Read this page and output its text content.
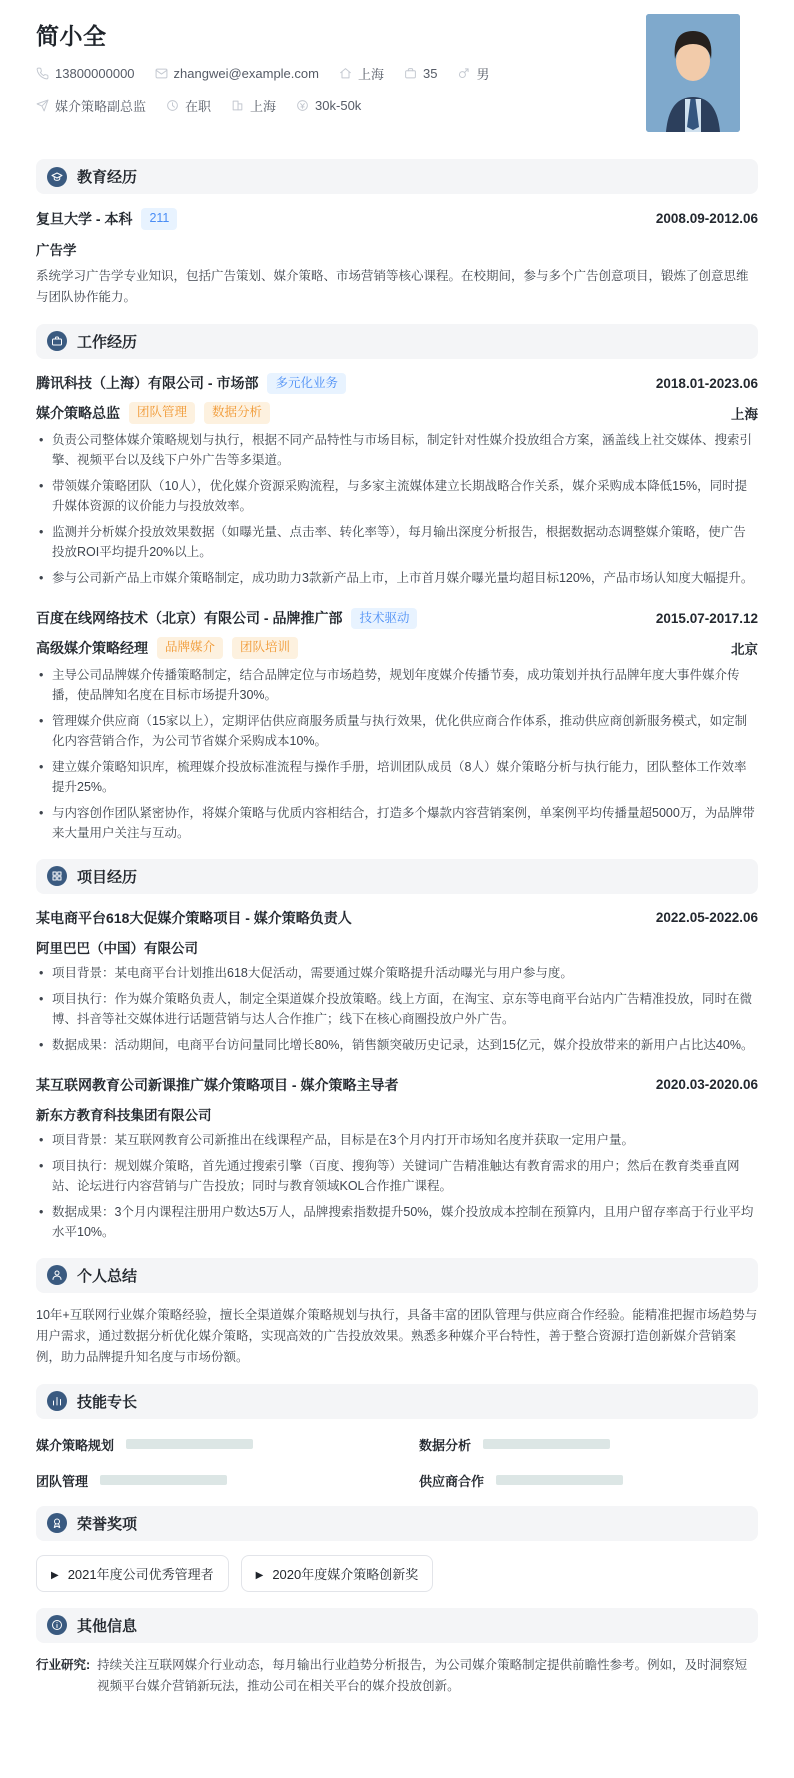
简小全
13800000000	zhangwei@example.com	上海	35	男
媒介策略副总监	在职	上海	30k-50k
教育经历
复旦大学 - 本科	211	2008.09-2012.06
广告学

系统学习广告学专业知识，包括广告策划、媒介策略、市场营销等核心课程。在校期间，参与多个广告创意项目，锻炼了创意思维与团队协作能力。

工作经历
腾讯科技（上海）有限公司 - 市场部	多元化业务	2018.01-2023.06
媒介策略总监	团队管理	数据分析	上海
• 负责公司整体媒介策略规划与执行，根据不同产品特性与市场目标，制定针对性媒介投放组合方案，涵盖线上社交媒体、搜索引擎、视频平台以及线下户外广告等多渠道。
• 带领媒介策略团队（10人），优化媒介资源采购流程，与多家主流媒体建立长期战略合作关系，媒介采购成本降低15%，同时提升媒体资源的议价能力与投放效率。
• 监测并分析媒介投放效果数据（如曝光量、点击率、转化率等），每月输出深度分析报告，根据数据动态调整媒介策略，使广告投放ROI平均提升20%以上。
• 参与公司新产品上市媒介策略制定，成功助力3款新产品上市，上市首月媒介曝光量均超目标120%，产品市场认知度大幅提升。
百度在线网络技术（北京）有限公司 - 品牌推广部	技术驱动	2015.07-2017.12
高级媒介策略经理	品牌媒介	团队培训	北京
• 主导公司品牌媒介传播策略制定，结合品牌定位与市场趋势，规划年度媒介传播节奏，成功策划并执行品牌年度大事件媒介传播，使品牌知名度在目标市场提升30%。
• 管理媒介供应商（15家以上），定期评估供应商服务质量与执行效果，优化供应商合作体系，推动供应商创新服务模式，如定制化内容营销合作，为公司节省媒介采购成本10%。
• 建立媒介策略知识库，梳理媒介投放标准流程与操作手册，培训团队成员（8人）媒介策略分析与执行能力，团队整体工作效率提升25%。
• 与内容创作团队紧密协作，将媒介策略与优质内容相结合，打造多个爆款内容营销案例，单案例平均传播量超5000万，为品牌带来大量用户关注与互动。
项目经历
某电商平台618大促媒介策略项目 - 媒介策略负责人	2022.05-2022.06
阿里巴巴（中国）有限公司
• 项目背景：某电商平台计划推出618大促活动，需要通过媒介策略提升活动曝光与用户参与度。
• 项目执行：作为媒介策略负责人，制定全渠道媒介投放策略。线上方面，在淘宝、京东等电商平台站内广告精准投放，同时在微博、抖音等社交媒体进行话题营销与达人合作推广；线下在核心商圈投放户外广告。
• 数据成果：活动期间，电商平台访问量同比增长80%，销售额突破历史记录，达到15亿元，媒介投放带来的新用户占比达40%。
某互联网教育公司新课推广媒介策略项目 - 媒介策略主导者	2020.03-2020.06
新东方教育科技集团有限公司
• 项目背景：某互联网教育公司新推出在线课程产品，目标是在3个月内打开市场知名度并获取一定用户量。
• 项目执行：规划媒介策略，首先通过搜索引擎（百度、搜狗等）关键词广告精准触达有教育需求的用户；然后在教育类垂直网站、论坛进行内容营销与广告投放；同时与教育领域KOL合作推广课程。
• 数据成果：3个月内课程注册用户数达5万人，品牌搜索指数提升50%，媒介投放成本控制在预算内，且用户留存率高于行业平均水平10%。
个人总结

10年+互联网行业媒介策略经验，擅长全渠道媒介策略规划与执行，具备丰富的团队管理与供应商合作经验。能精准把握市场趋势与用户需求，通过数据分析优化媒介策略，实现高效的广告投放效果。熟悉多种媒介平台特性，善于整合资源打造创新媒介营销案例，助力品牌提升知名度与市场份额。

技能专长
媒介策略规划	数据分析
团队管理	供应商合作
荣誉奖项
▶
2021年度公司优秀管理者 ▶	2020年度媒介策略创新奖
其他信息
行业研究: 持续关注互联网媒介行业动态，每月输出行业趋势分析报告，为公司媒介策略制定提供前瞻性参考。例如，及时洞察短视频平台媒介营销新玩法，推动公司在相关平台的媒介投放创新。
